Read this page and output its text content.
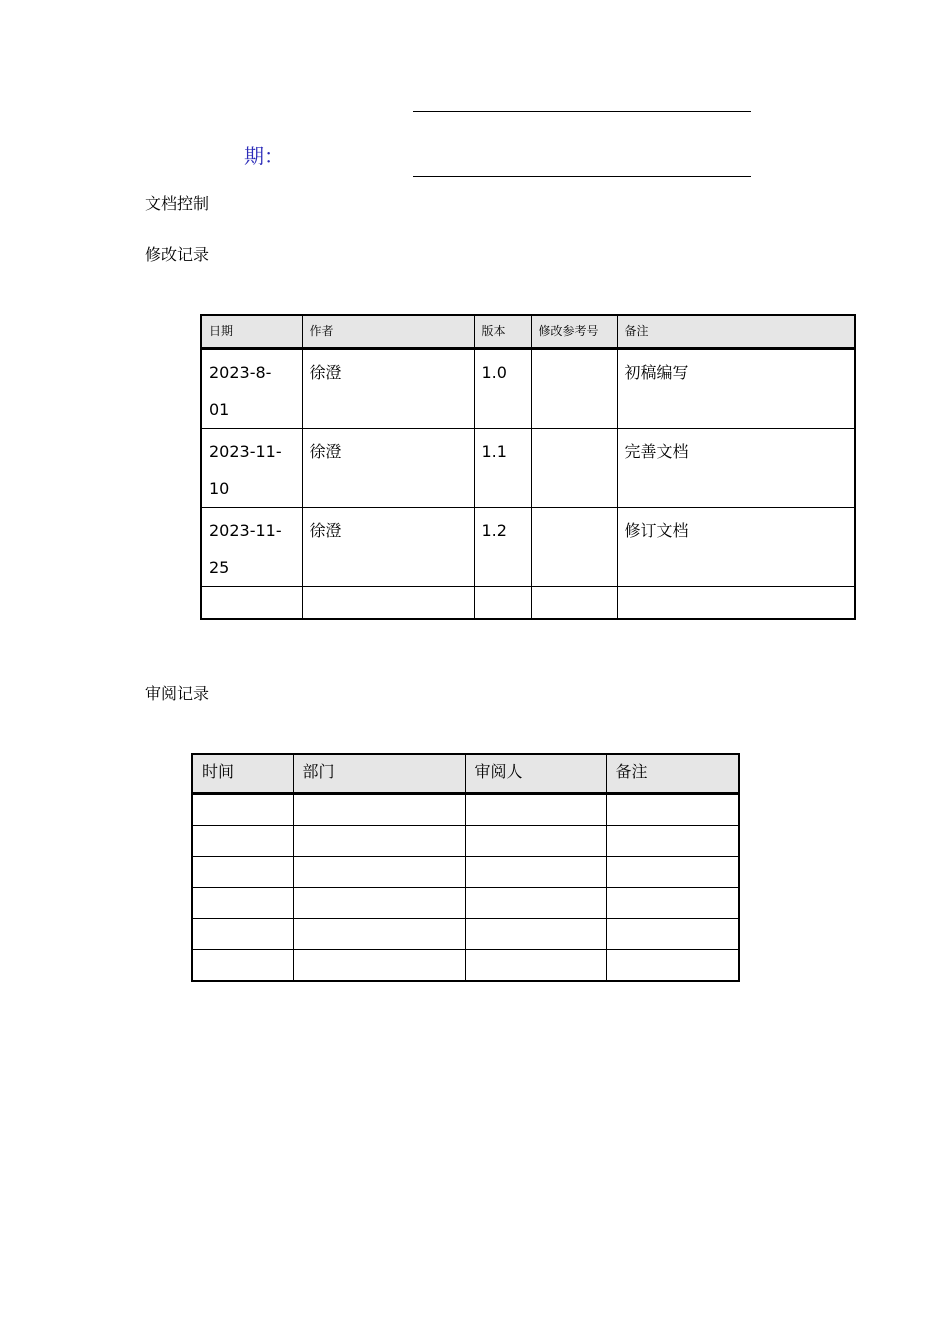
期：
文档控制
修改记录
日期	作者	版本	修改参考号	备注

2023-8-
01	徐澄	1.0		初稿编写

2023-11-
10	徐澄	1.1		完善文档

2023-11-
25	徐澄	1.2		修订文档

审阅记录
时间	部门	审阅人	备注
